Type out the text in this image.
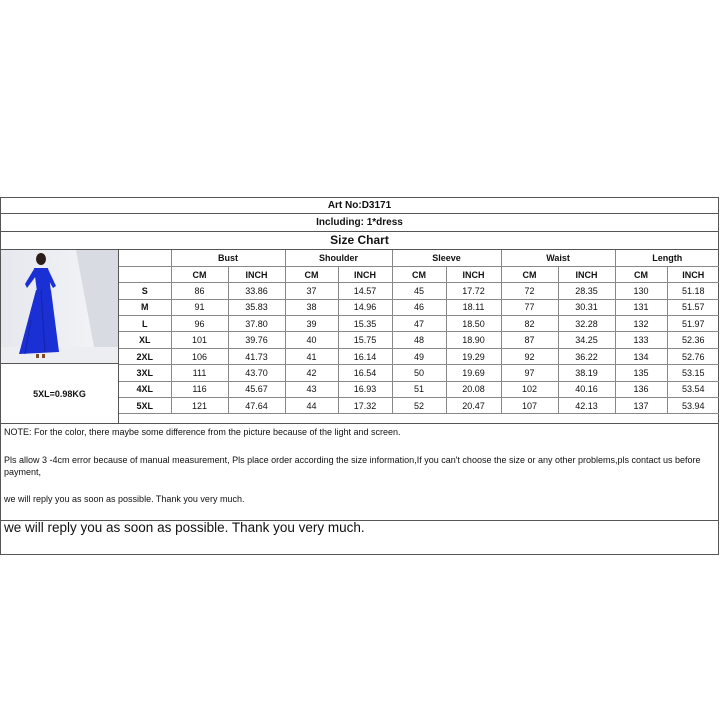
Art No:D3171
Including: 1*dress
Size Chart
5XL=0.98KG
	Bust		Shoulder		Sleeve		Waist		Length	
	CM	INCH	CM	INCH	CM	INCH	CM	INCH	CM	INCH
S	86	33.86	37	14.57	45	17.72	72	28.35	130	51.18
M	91	35.83	38	14.96	46	18.11	77	30.31	131	51.57
L	96	37.80	39	15.35	47	18.50	82	32.28	132	51.97
XL	101	39.76	40	15.75	48	18.90	87	34.25	133	52.36
2XL	106	41.73	41	16.14	49	19.29	92	36.22	134	52.76
3XL	111	43.70	42	16.54	50	19.69	97	38.19	135	53.15
4XL	116	45.67	43	16.93	51	20.08	102	40.16	136	53.54
5XL	121	47.64	44	17.32	52	20.47	107	42.13	137	53.94
NOTE: For the color, there maybe some difference from the picture because of the light and screen.
Pls allow 3 -4cm error because of manual measurement, Pls place order according the size information,If you can't choose the size or any other problems,pls contact us before payment,
we will reply you as soon as possible. Thank you very much.
we will reply you as soon as possible. Thank you very much.
